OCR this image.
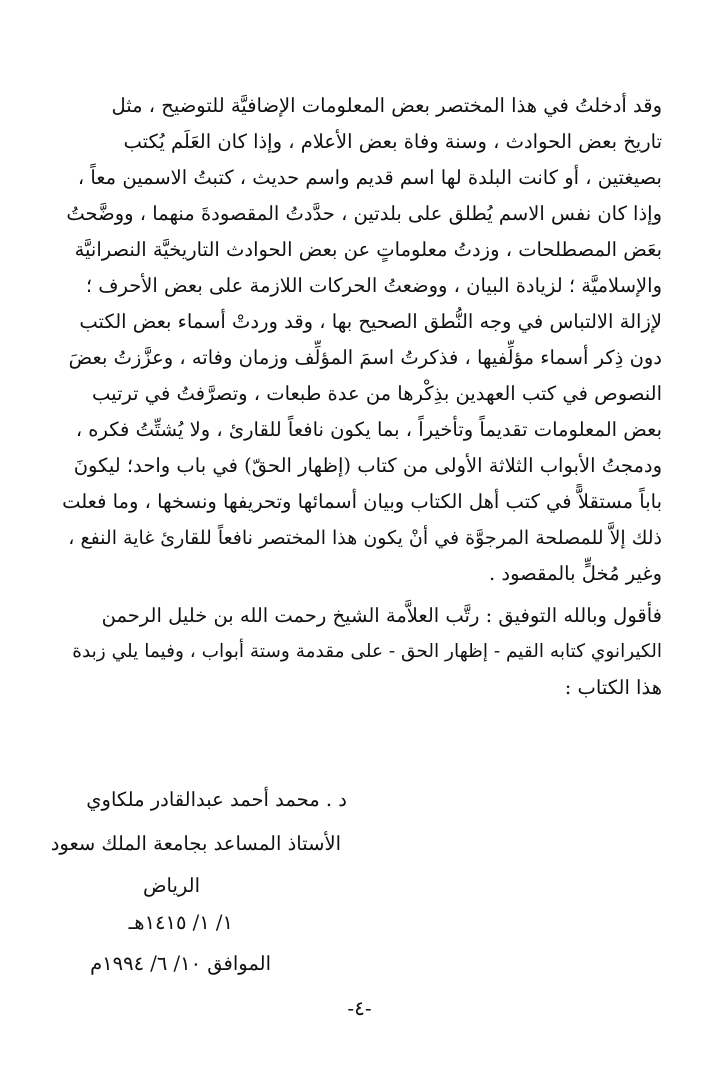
وقد أدخلتُ في هذا المختصر بعض المعلومات الإضافيَّة للتوضيح ، مثل
تاريخ بعض الحوادث ، وسنة وفاة بعض الأعلام ، وإذا كان العَلَم يُكتب
بصيغتين ، أو كانت البلدة لها اسم قديم واسم حديث ، كتبتُ الاسمين معاً ،
وإذا كان نفس الاسم يُطلق على بلدتين ، حدَّدتُ المقصودةَ منهما ، ووضَّحتُ
بعَض المصطلحات ، وزدتُ معلوماتٍ عن بعض الحوادث التاريخيَّة النصرانيَّة
والإسلاميَّة ؛ لزيادة البيان ، ووضعتُ الحركات اللازمة على بعض الأحرف ؛
لإزالة الالتباس في وجه النُّطق الصحيح بها ، وقد وردتْ أسماء بعض الكتب
دون ذِكر أسماء مؤلِّفيها ، فذكرتُ اسمَ المؤلِّف وزمان وفاته ، وعزَّزتُ بعضَ
النصوص في كتب العهدين بذِكْرها من عدة طبعات ، وتصرَّفتُ في ترتيب
بعض المعلومات تقديماً وتأخيراً ، بما يكون نافعاً للقارئ ، ولا يُشتِّتُ فكره ،
ودمجتُ الأبواب الثلاثة الأولى من كتاب (إظهار الحقّ) في باب واحد؛ ليكونَ
باباً مستقلاًّ في كتب أهل الكتاب وبيان أسمائها وتحريفها ونسخها ، وما فعلت
ذلك إلاَّ للمصلحة المرجوَّة في أنْ يكون هذا المختصر نافعاً للقارئ غاية النفع ،
وغير مُخلٍّ بالمقصود .
فأقول وبالله التوفيق : رتَّب العلاَّمة الشيخ رحمت الله بن خليل الرحمن
الكيرانوي كتابه القيم - إظهار الحق - على مقدمة وستة أبواب ، وفيما يلي زبدة
هذا الكتاب :
د . محمد أحمد عبدالقادر ملكاوي
الأستاذ المساعد بجامعة الملك سعود
الرياض
١/ ١/ ١٤١٥هـ
الموافق ١٠/ ٦/ ١٩٩٤م
-٤-
